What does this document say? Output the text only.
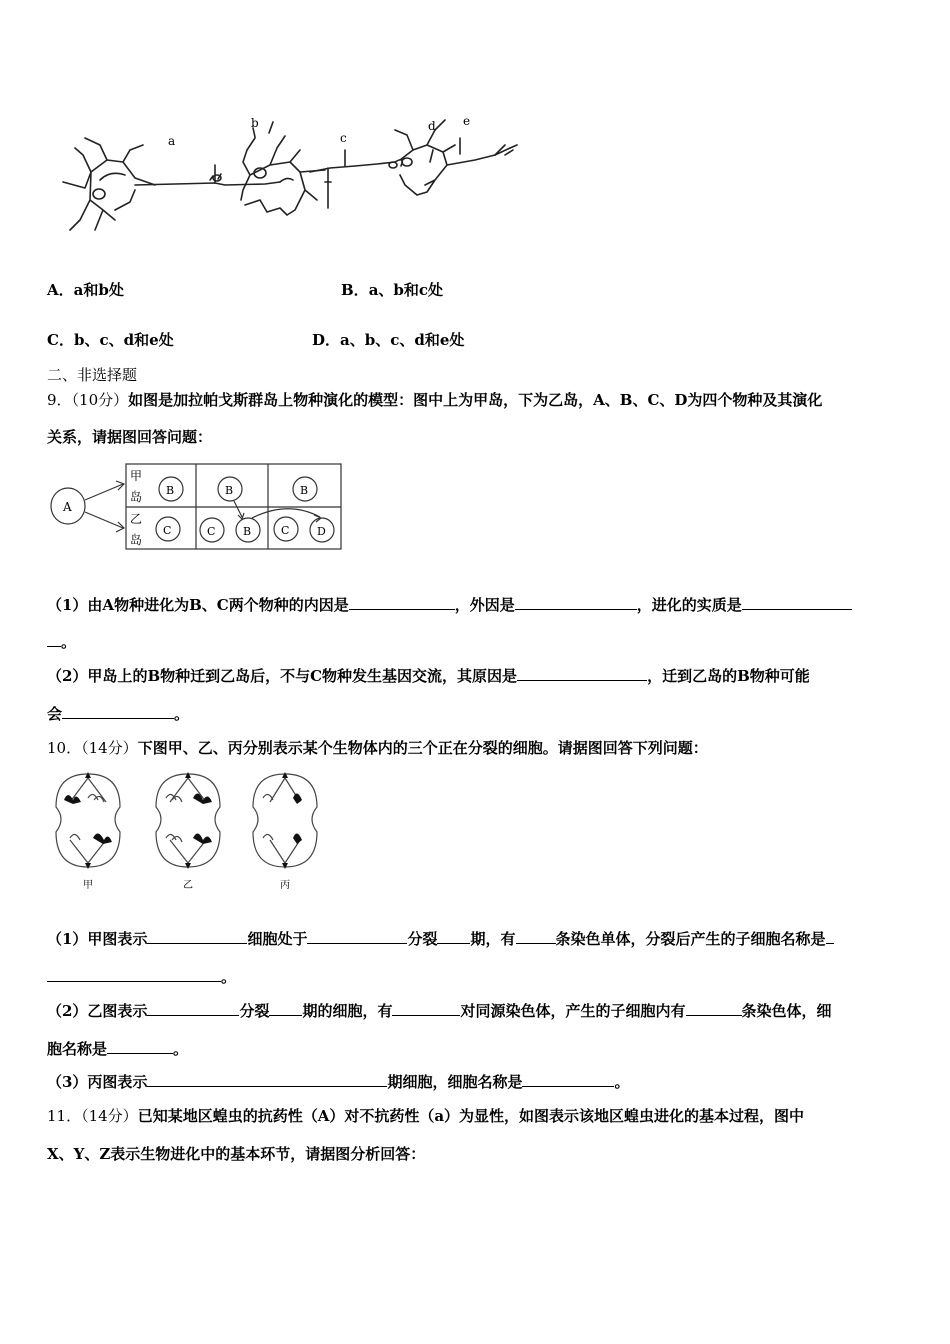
a
b
c
d e
A．a和b处	B．a、b和c处
C．b、c、d和e处	D．a、b、c、d和e处
二、非选择题
9．（10分）如图是加拉帕戈斯群岛上物种演化的模型：图中上为甲岛，下为乙岛，A、B、C、D为四个物种及其演化
关系，请据图回答问题：
A
甲
岛
乙
岛
B	B	B
C	C	B	C	D
（1）由A物种进化为B、C两个物种的内因是	，外因是	，进化的实质是
。
（2）甲岛上的B物种迁到乙岛后，不与C物种发生基因交流，其原因是	，迁到乙岛的B物种可能
会	。
10．（14分）下图甲、乙、丙分别表示某个生物体内的三个正在分裂的细胞。请据图回答下列问题：
甲	乙	丙
（1）甲图表示	细胞处于	分裂 期，有	条染色单体，分裂后产生的子细胞名称是
。
（2）乙图表示	分裂 期的细胞，有	对同源染色体，产生的子细胞内有	条染色体，细
胞名称是	。
（3）丙图表示	期细胞，细胞名称是	。
11．（14分）已知某地区蝗虫的抗药性（A）对不抗药性（a）为显性，如图表示该地区蝗虫进化的基本过程，图中
X、Y、Z表示生物进化中的基本环节，请据图分析回答：
